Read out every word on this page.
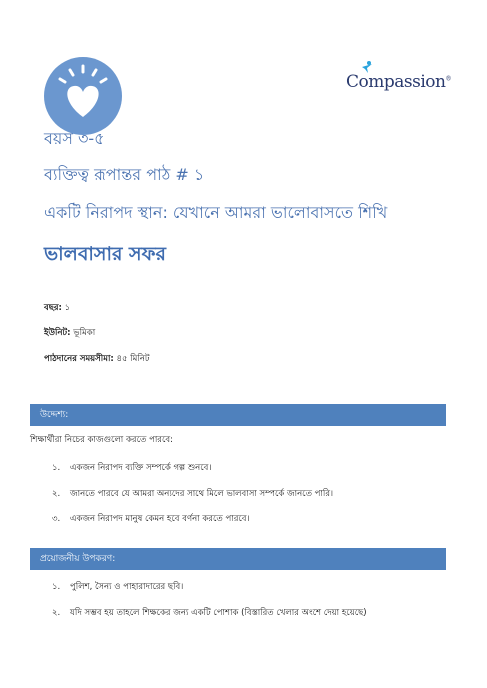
Compassion®
বয়স ৩-৫
ব্যক্তিত্ব রূপান্তর পাঠ # ১
একটি নিরাপদ স্থান: যেখানে আমরা ভালোবাসতে শিখি
ভালবাসার সফর
বছর: ১
ইউনিট: ভূমিকা
পাঠদানের সময়সীমা: ৪৫ মিনিট
উদ্দেশ্য:
শিক্ষার্থীরা নিচের কাজগুলো করতে পারবে:
১. একজন নিরাপদ ব্যক্তি সম্পর্কে গল্প শুনবে।
২. জানতে পারবে যে আমরা অন্যদের সাথে মিলে ভালবাসা সম্পর্কে জানতে পারি।
৩. একজন নিরাপদ মানুষ কেমন হবে বর্ণনা করতে পারবে।
প্রয়োজনীয় উপকরণ:
১. পুলিশ, সৈন্য ও পাহারাদারের ছবি।
২. যদি সম্ভব হয় তাহলে শিক্ষকের জন্য একটি পোশাক (বিস্তারিত খেলার অংশে দেয়া হয়েছে)
